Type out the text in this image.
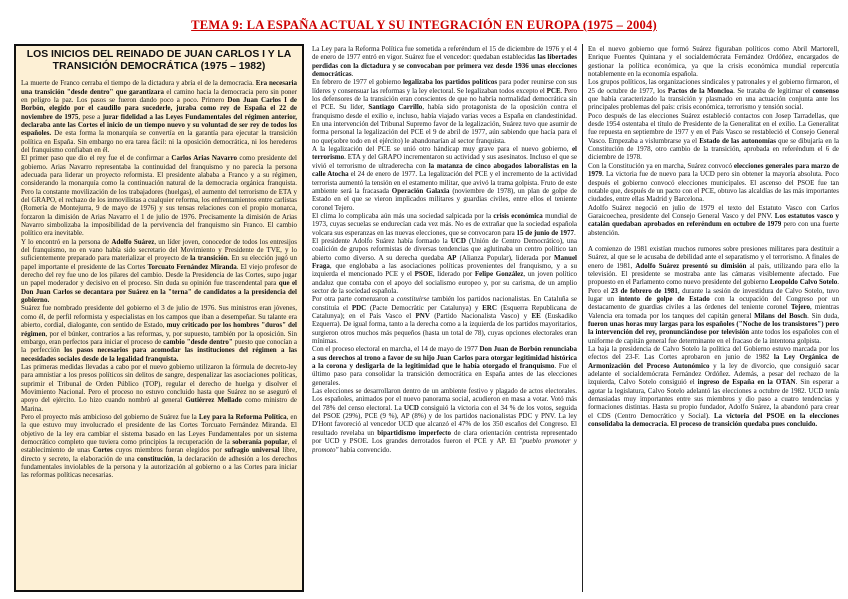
TEMA 9: LA ESPAÑA ACTUAL Y SU INTEGRACIÓN EN EUROPA (1975 – 2004)
LOS INICIOS DEL REINADO DE JUAN CARLOS I Y LA TRANSICIÓN DEMOCRÁTICA (1975 – 1982)

La muerte de Franco cerraba el tiempo de la dictadura y abría el de la democracia. Era necesaria una transición "desde dentro" que garantizara el camino hacia la democracia pero sin poner en peligro la paz. Los pasos se fueron dando poco a poco. Primero Don Juan Carlos I de Borbón, elegido por el caudillo para sucederle, juraba como rey de España el 22 de noviembre de 1975, pese a jurar fidelidad a las Leyes Fundamentales del régimen anterior, declaraba ante las Cortes el inicio de un tiempo nuevo y su voluntad de ser rey de todos los españoles. De esta forma la monarquía se convertía en la garantía para ejecutar la transición política en España. Sin embargo no era tarea fácil: ni la oposición democrática, ni los herederos del franquismo confiaban en él.

El primer paso que dio el rey fue el de confirmar a Carlos Arias Navarro como presidente del gobierno. Arias Navarro representaba la continuidad del franquismo y no parecía la persona adecuada para liderar un proyecto reformista. El presidente alababa a Franco y a su régimen, considerando la monarquía como la continuación natural de la democracia orgánica franquista. Pero la constante movilización de los trabajadores (huelgas), el aumento del terrorismo de ETA y del GRAPO, el rechazo de los inmovilistas a cualquier reforma, los enfrentamientos entre carlistas (Romería de Montejurra, 9 de mayo de 1976) y sus tensas relaciones con el propio monarca, forzaron la dimisión de Arias Navarro el 1 de julio de 1976. Precisamente la dimisión de Arias Navarro simbolizaba la imposibilidad de la pervivencia del franquismo sin Franco. El cambio político era inevitable.

Y lo encontró en la persona de Adolfo Suárez, un líder joven, conocedor de todos los entresijos del franquismo, no en vano había sido secretario del Movimiento y Presidente de TVE, y lo suficientemente preparado para materializar el proyecto de la transición. En su elección jugó un papel importante el presidente de las Cortes Torcuato Fernández Miranda. El viejo profesor de derecho del rey fue uno de los pilares del cambio. Desde la Presidencia de las Cortes, supo jugar un papel moderador y decisivo en el proceso. Sin duda su opinión fue trascendental para que el Don Juan Carlos se decantara por Suárez en la "terna" de candidatos a la presidencia del gobierno.

Suárez fue nombrado presidente del gobierno el 3 de julio de 1976. Sus ministros eran jóvenes, como él, de perfil reformista y especialistas en los campos que iban a desempeñar. Su talante era abierto, cordial, dialogante, con sentido de Estado, muy criticado por los hombres "duros" del régimen, por el búnker, contrarios a las reformas, y, por supuesto, también por la oposición. Sin embargo, eran perfectos para iniciar el proceso de cambio "desde dentro" puesto que conocían a la perfección los pasos necesarios para acomodar las instituciones del régimen a las necesidades sociales desde de la legalidad franquista.

Las primeras medidas llevadas a cabo por el nuevo gobierno utilizaron la fórmula de decreto-ley para amnistiar a los presos políticos sin delitos de sangre, despenalizar las asociaciones políticas, suprimir el Tribunal de Orden Público (TOP), regular el derecho de huelga y disolver el Movimiento Nacional. Pero el proceso no estuvo concluido hasta que Suárez no se aseguró el apoyo del ejército. Lo hizo cuando nombró al general Gutiérrez Mellado como ministro de Marina.

Pero el proyecto más ambicioso del gobierno de Suárez fue la Ley para la Reforma Política, en la que estuvo muy involucrado el presidente de las Cortes Torcuato Fernández Miranda. El objetivo de la ley era cambiar el sistema basado en las Leyes Fundamentales por un sistema democrático completo que tuviera como principios la recuperación de la soberanía popular, el establecimiento de unas Cortes cuyos miembros fueran elegidos por sufragio universal libre, directo y secreto, la elaboración de una constitución, la declaración de adhesión a los derechos fundamentales inviolables de la persona y la autorización al gobierno o a las Cortes para iniciar las reformas políticas necesarias.

La Ley para la Reforma Política fue sometida a referéndum el 15 de diciembre de 1976 y el 4 de enero de 1977 entró en vigor. Suárez fue el vencedor: quedaban establecidas las libertades perdidas con la dictadura y se convocaban por primera vez desde 1936 unas elecciones democráticas.

En febrero de 1977 el gobierno legalizaba los partidos políticos para poder reunirse con sus líderes y consensuar las reformas y la ley electoral. Se legalizaban todos excepto el PCE. Pero los defensores de la transición eran conscientes de que no habría normalidad democrática sin el PCE. Su líder, Santiago Carrillo, había sido protagonista de la oposición contra el franquismo desde el exilio e, incluso, había viajado varias veces a España en clandestinidad. En una intervención del Tribunal Supremo favor de la legalización, Suárez tuvo que asumir de forma personal la legalización del PCE el 9 de abril de 1977, aún sabiendo que hacía para el no que(sobre todo en el ejército) le abandonarían al sector franquista.

A la legalización del PCE se unió otro hándicap muy grave para el nuevo gobierno, el terrorismo. ETA y del GRAPO incrementaron su actividad y sus asesinatos. Incluso el que se vivió el terrorismo de ultraderecha con la matanza de cinco abogados laboralistas en la calle Atocha el 24 de enero de 1977. La legalización del PCE y el incremento de la actividad terrorista aumentó la tensión en el estamento militar, que avivó la trama golpista. Fruto de este ambiente será la fracasada Operación Galaxia (noviembre de 1978), un plan de golpe de Estado en el que se vieron implicados militares y guardias civiles, entre ellos el teniente coronel Tejero.

El clima lo complicaba aún más una sociedad salpicada por la crisis económica mundial de 1973, cuyas secuelas se endurecían cada vez más. No es de extrañar que la sociedad española volcara sus esperanzas en las nuevas elecciones, que se convocaron para 15 de junio de 1977.

El presidente Adolfo Suárez había formado la UCD (Unión de Centro Democrático), una coalición de grupos reformistas de diversas tendencias que aglutinaba un centro político tan abierto como diverso. A su derecha quedaba AP (Alianza Popular), liderada por Manuel Fraga, que englobaba a las asociaciones políticas provenientes del franquismo, y a su izquierda el mencionado PCE y el PSOE, liderado por Felipe González, un joven político andaluz que contaba con el apoyo del socialismo europeo y, por su carisma, de un amplio sector de la sociedad española.

Por otra parte comenzaron a constituirse también los partidos nacionalistas. En Cataluña se constituía el PDC (Pacte Democràtic per Catalunya) y ERC (Esquerra Republicana de Catalunya); en el País Vasco el PNV (Partido Nacionalista Vasco) y EE (Euskadiko Ezquerra). De igual forma, tanto a la derecha como a la izquierda de los partidos mayoritarios, surgieron otros muchos más pequeños (hasta un total de 78), cuyas opciones electorales eran mínimas.

Con el proceso electoral en marcha, el 14 de mayo de 1977 Don Juan de Borbón renunciaba a sus derechos al trono a favor de su hijo Juan Carlos para otorgar legitimidad histórica a la corona y desligarla de la legitimidad que le había otorgado el franquismo. Fue el último paso para consolidar la transición democrática en España antes de las elecciones generales.

Las elecciones se desarrollaron dentro de un ambiente festivo y plagado de actos electorales. Los españoles, animados por el nuevo panorama social, acudieron en masa a votar. Votó más del 78% del censo electoral. La UCD consiguió la victoria con el 34 % de los votos, seguida del PSOE (29%), PCE (9 %), AP (8%) y de los partidos nacionalistas PDC y PNV. La ley D'Hont favoreció al vencedor UCD que alcanzó el 47% de los 350 escaños del Congreso. El resultado revelaba un bipartidismo imperfecto de clara orientación centrista representado por UCD y PSOE. Los grandes derrotados fueron el PCE y AP. El "pueblo promoter y promoto" había convencido.

En el nuevo gobierno que formó Suárez figuraban políticos como Abril Martorell, Enrique Fuentes Quintana y el socialdemócrata Fernández Ordóñez, encargados de gestionar la política económica, ya que la crisis económica mundial repercutía notablemente en la economía española.

Los grupos políticos, las organizaciones sindicales y patronales y el gobierno firmaron, el 25 de octubre de 1977, los Pactos de la Moncloa. Se trataba de legitimar el consenso que había caracterizado la transición y plasmado en una actuación conjunta ante los principales problemas del país: crisis económica, terrorismo y tensión social.

Poco después de las elecciones Suárez estableció contactos con Josep Tarradellas, que desde 1954 ostentaba el título de Presidente de la Generalitat en el exilio. La Generalitat fue repuesta en septiembre de 1977 y en el País Vasco se restableció el Consejo General Vasco. Empezaba a vislumbrarse ya el Estado de las autonomías que se dibujaría en la Constitución de 1978, otro cambio de la transición, aprobada en referéndum el 6 de diciembre de 1978.

Con la Constitución ya en marcha, Suárez convocó elecciones generales para marzo de 1979. La victoria fue de nuevo para la UCD pero sin obtener la mayoría absoluta. Poco después el gobierno convocó elecciones municipales. El ascenso del PSOE fue tan notable que, después de un pacto con el PCE, obtuvo las alcaldías de las más importantes ciudades, entre ellas Madrid y Barcelona.

Adolfo Suárez negoció en julio de 1979 el texto del Estatuto Vasco con Carlos Garaicoechea, presidente del Consejo General Vasco y del PNV. Los estatutos vasco y catalán quedaban aprobados en referéndum en octubre de 1979 pero con una fuerte abstención.

A comienzo de 1981 existían muchos rumores sobre presiones militares para destituir a Suárez, al que se le acusaba de debilidad ante el separatismo y el terrorismo. A finales de enero de 1981, Adolfo Suárez presentó su dimisión al país, utilizando para ello la televisión. El presidente se mostraba ante las cámaras visiblemente afectado. Fue propuesto en el Parlamento como nuevo presidente del gobierno Leopoldo Calvo Sotelo. Pero el 23 de febrero de 1981, durante la sesión de investidura de Calvo Sotelo, tuvo lugar un intento de golpe de Estado con la ocupación del Congreso por un destacamento de guardias civiles a las órdenes del teniente coronel Tejero, mientras Valencia era tomada por los tanques del capitán general Milans del Bosch. Sin duda, fueron unas horas muy largas para los españoles ("Noche de los transistores") pero la intervención del rey, pronunciándose por televisión ante todos los españoles con el uniforme de capitán general fue determinante en el fracaso de la intentona golpista.

La baja la presidencia de Calvo Sotelo la política del Gobierno estuvo marcada por los efectos del 23-F. Las Cortes aprobaron en junio de 1982 la Ley Orgánica de Armonización del Proceso Autonómico y la ley de divorcio, que consiguió sacar adelante el socialdemócrata Fernández Ordóñez. Además, a pesar del rechazo de la izquierda, Calvo Sotelo consiguió el ingreso de España en la OTAN. Sin esperar a agotar la legislatura, Calvo Sotelo adelantó las elecciones a octubre de 1982. UCD tenía demasiadas muy importantes entre sus miembros y dio paso a cuatro tendencias y formaciones distintas. Hasta su propio fundador, Adolfo Suárez, la abandonó para crear el CDS (Centro Democrático y Social). La victoria del PSOE en la elecciones consolidaba la democracia. El proceso de transición quedaba pues concluido.
